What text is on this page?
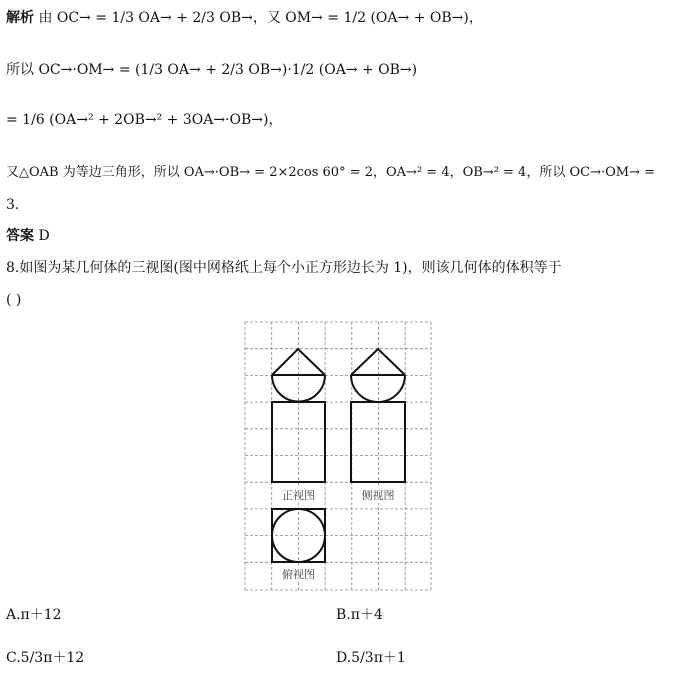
解析 由 OC→ = 1/3 OA→ + 2/3 OB→，又 OM→ = 1/2 (OA→ + OB→)，
所以 OC→·OM→ = (1/3 OA→ + 2/3 OB→)·1/2 (OA→ + OB→)
= 1/6 (OA→² + 2OB→² + 3OA→·OB→)，
又△OAB 为等边三角形，所以 OA→·OB→ = 2×2cos 60° = 2，OA→² = 4，OB→² = 4，所以 OC→·OM→ =
3.
答案 D
8.如图为某几何体的三视图(图中网格纸上每个小正方形边长为 1)，则该几何体的体积等于
( )
正视图	侧视图
俯视图
A.π＋12	B.π＋4
C.5/3π＋12	D.5/3π＋1
